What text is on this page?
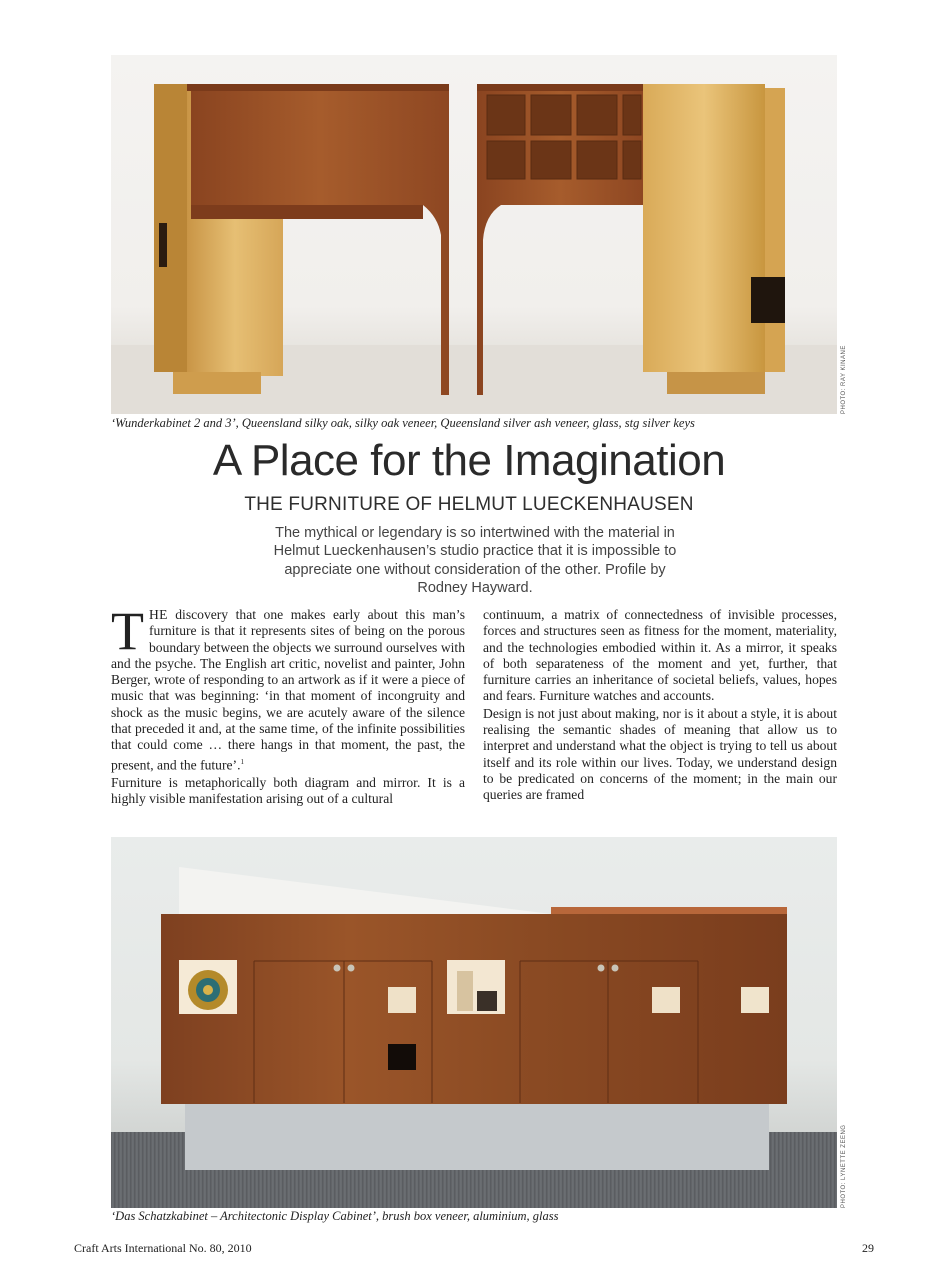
PHOTO: RAY KINANE
‘Wunderkabinet 2 and 3’, Queensland silky oak, silky oak veneer, Queensland silver ash veneer, glass, stg silver keys
A Place for the Imagination
THE FURNITURE OF HELMUT LUECKENHAUSEN
The mythical or legendary is so intertwined with the material in Helmut Lueckenhausen’s studio practice that it is impossible to appreciate one without consideration of the other. Profile by Rodney Hayward.

THE discovery that one makes early about this man’s furniture is that it represents sites of being on the porous boundary between the objects we surround ourselves with and the psyche. The English art critic, novelist and painter, John Berger, wrote of responding to an artwork as if it were a piece of music that was beginning: ‘in that moment of incongruity and shock as the music begins, we are acutely aware of the silence that preceded it and, at the same time, of the infinite possibilities that could come … there hangs in that moment, the past, the present, and the future’.$^1$

Furniture is metaphorically both diagram and mirror. It is a highly visible manifestation arising out of a cultural

continuum, a matrix of connectedness of invisible processes, forces and structures seen as fitness for the moment, materiality, and the technologies embodied within it. As a mirror, it speaks of both separateness of the moment and yet, further, that furniture carries an inheritance of societal beliefs, values, hopes and fears. Furniture watches and accounts.

Design is not just about making, nor is it about a style, it is about realising the semantic shades of meaning that allow us to interpret and understand what the object is trying to tell us about itself and its role within our lives. Today, we understand design to be predicated on concerns of the moment; in the main our queries are framed

PHOTO: LYNETTE ZEENG
‘Das Schatzkabinet – Architectonic Display Cabinet’, brush box veneer, aluminium, glass
Craft Arts International No. 80, 2010	29
